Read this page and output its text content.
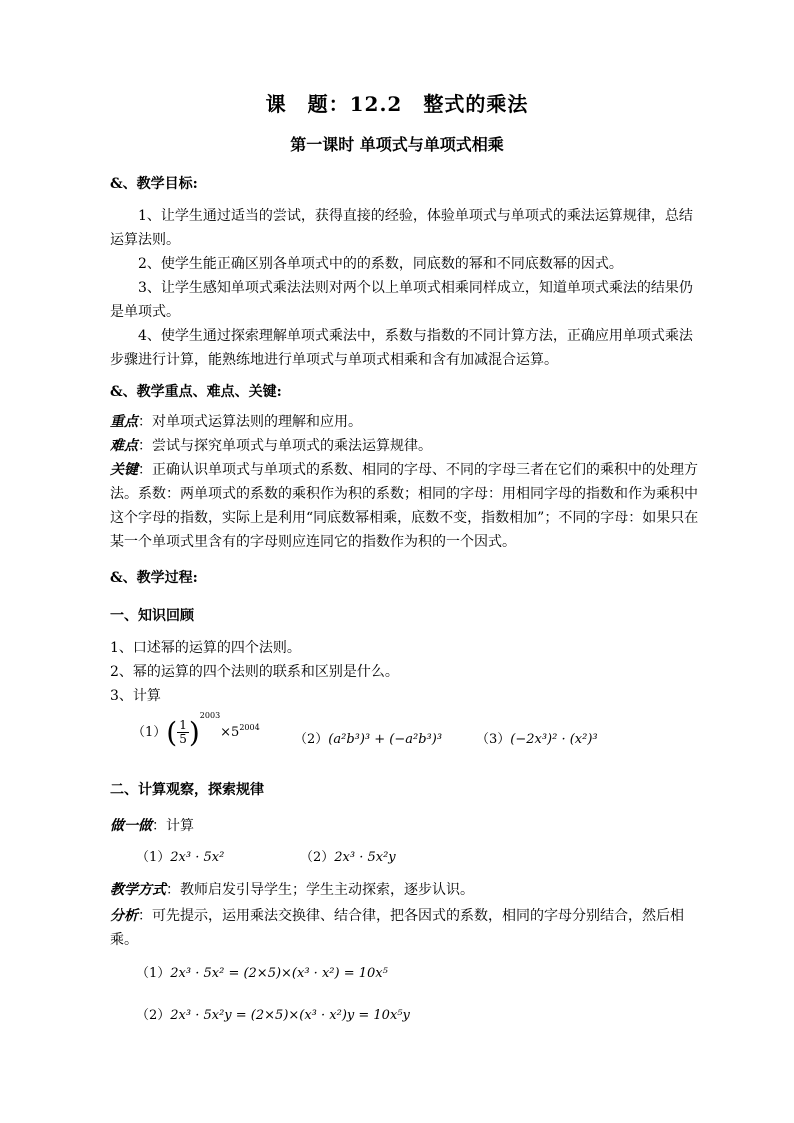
课　题：12.2　整式的乘法
第一课时 单项式与单项式相乘
&、教学目标:
1、让学生通过适当的尝试，获得直接的经验，体验单项式与单项式的乘法运算规律，总结运算法则。
2、使学生能正确区别各单项式中的的系数，同底数的幂和不同底数幂的因式。
3、让学生感知单项式乘法法则对两个以上单项式相乘同样成立，知道单项式乘法的结果仍是单项式。
4、使学生通过探索理解单项式乘法中，系数与指数的不同计算方法，正确应用单项式乘法步骤进行计算，能熟练地进行单项式与单项式相乘和含有加减混合运算。
&、教学重点、难点、关键:
重点：对单项式运算法则的理解和应用。
难点：尝试与探究单项式与单项式的乘法运算规律。
关键：正确认识单项式与单项式的系数、相同的字母、不同的字母三者在它们的乘积中的处理方法。系数：两单项式的系数的乘积作为积的系数；相同的字母：用相同字母的指数和作为乘积中这个字母的指数，实际上是利用“同底数幂相乘，底数不变，指数相加”；不同的字母：如果只在某一个单项式里含有的字母则应连同它的指数作为积的一个因式。
&、教学过程:
一、知识回顾
1、口述幂的运算的四个法则。
2、幂的运算的四个法则的联系和区别是什么。
3、计算
$(1)( \frac{1}{5} )^{2003}\times 5^{2004}$
（2）(a²b³)³ + (−a²b³)³	（3）(−2x³)² · (x²)³
二、计算观察，探索规律
做一做：计算
（1）2x³ · 5x²	（2）2x³ · 5x²y
教学方式：教师启发引导学生；学生主动探索，逐步认识。
分析：可先提示，运用乘法交换律、结合律，把各因式的系数，相同的字母分别结合，然后相乘。
（1）2x³ · 5x² = (2×5)×(x³ · x²) = 10x⁵
（2）2x³ · 5x²y = (2×5)×(x³ · x²)y = 10x⁵y
